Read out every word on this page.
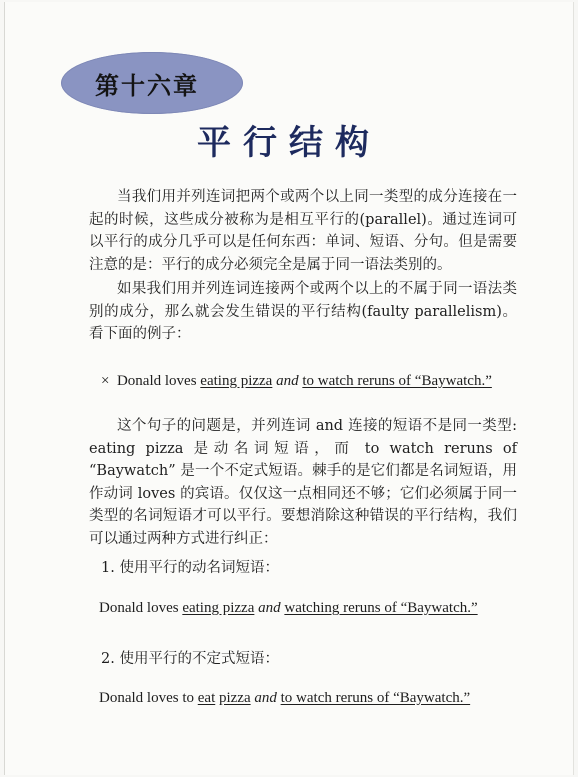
第十六章
平行结构

当我们用并列连词把两个或两个以上同一类型的成分连接在一起的时候，这些成分被称为是相互平行的(parallel)。通过连词可以平行的成分几乎可以是任何东西：单词、短语、分句。但是需要注意的是：平行的成分必须完全是属于同一语法类别的。

如果我们用并列连词连接两个或两个以上的不属于同一语法类别的成分，那么就会发生错误的平行结构(faulty parallelism)。看下面的例子：

× Donald loves eating pizza and to watch reruns of “Baywatch.”

这个句子的问题是，并列连词 and 连接的短语不是同一类型: eating pizza 是动名词短语，而 to watch reruns of “Baywatch” 是一个不定式短语。棘手的是它们都是名词短语，用作动词 loves 的宾语。仅仅这一点相同还不够；它们必须属于同一类型的名词短语才可以平行。要想消除这种错误的平行结构，我们可以通过两种方式进行纠正：

1. 使用平行的动名词短语：
Donald loves eating pizza and watching reruns of “Baywatch.”
2. 使用平行的不定式短语：
Donald loves to eat pizza and to watch reruns of “Baywatch.”
